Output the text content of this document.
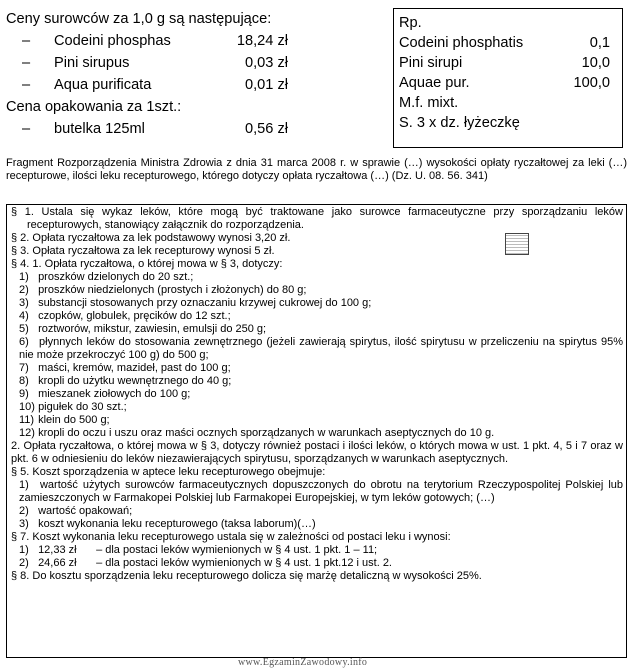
Ceny surowców za 1,0 g są następujące:
– Codeini phosphas	18,24 zł
– Pini sirupus	0,03 zł
– Aqua purificata	0,01 zł
Cena opakowania za 1szt.:
– butelka 125ml	0,56 zł
Rp.
Codeini phosphatis	0,1
Pini sirupi	10,0
Aquae pur.	100,0
M.f. mixt.
S. 3 x dz. łyżeczkę
Fragment Rozporządzenia Ministra Zdrowia z dnia 31 marca 2008 r. w sprawie (…) wysokości opłaty ryczałtowej za leki (…) recepturowe, ilości leku recepturowego, którego dotyczy opłata ryczałtowa (…) (Dz. U. 08. 56. 341)

§ 1. Ustala się wykaz leków, które mogą być traktowane jako surowce farmaceutyczne przy sporządzaniu leków recepturowych, stanowiący załącznik do rozporządzenia.

§ 2. Opłata ryczałtowa za lek podstawowy wynosi 3,20 zł.

§ 3. Opłata ryczałtowa za lek recepturowy wynosi 5 zł.

§ 4. 1. Opłata ryczałtowa, o której mowa w § 3, dotyczy:

1) proszków dzielonych do 20 szt.;

2) proszków niedzielonych (prostych i złożonych) do 80 g;

3) substancji stosowanych przy oznaczaniu krzywej cukrowej do 100 g;

4) czopków, globulek, pręcików do 12 szt.;

5) roztworów, mikstur, zawiesin, emulsji do 250 g;

6) płynnych leków do stosowania zewnętrznego (jeżeli zawierają spirytus, ilość spirytusu w przeliczeniu na spirytus 95% nie może przekroczyć 100 g) do 500 g;

7) maści, kremów, mazideł, past do 100 g;

8) kropli do użytku wewnętrznego do 40 g;

9) mieszanek ziołowych do 100 g;

10) pigułek do 30 szt.;

11) klein do 500 g;

12) kropli do oczu i uszu oraz maści ocznych sporządzanych w warunkach aseptycznych do 10 g.

2. Opłata ryczałtowa, o której mowa w § 3, dotyczy również postaci i ilości leków, o których mowa w ust. 1 pkt. 4, 5 i 7 oraz w pkt. 6 w odniesieniu do leków niezawierających spirytusu, sporządzanych w warunkach aseptycznych.

§ 5. Koszt sporządzenia w aptece leku recepturowego obejmuje:

1) wartość użytych surowców farmaceutycznych dopuszczonych do obrotu na terytorium Rzeczypospolitej Polskiej lub zamieszczonych w Farmakopei Polskiej lub Farmakopei Europejskiej, w tym leków gotowych; (…)

2) wartość opakowań;

3) koszt wykonania leku recepturowego (taksa laborum)(…)

§ 7. Koszt wykonania leku recepturowego ustala się w zależności od postaci leku i wynosi:

1) 12,33 zł – dla postaci leków wymienionych w § 4 ust. 1 pkt. 1 – 11;

2) 24,66 zł – dla postaci leków wymienionych w § 4 ust. 1 pkt.12 i ust. 2.

§ 8. Do kosztu sporządzenia leku recepturowego dolicza się marżę detaliczną w wysokości 25%.

www.EgzaminZawodowy.info
